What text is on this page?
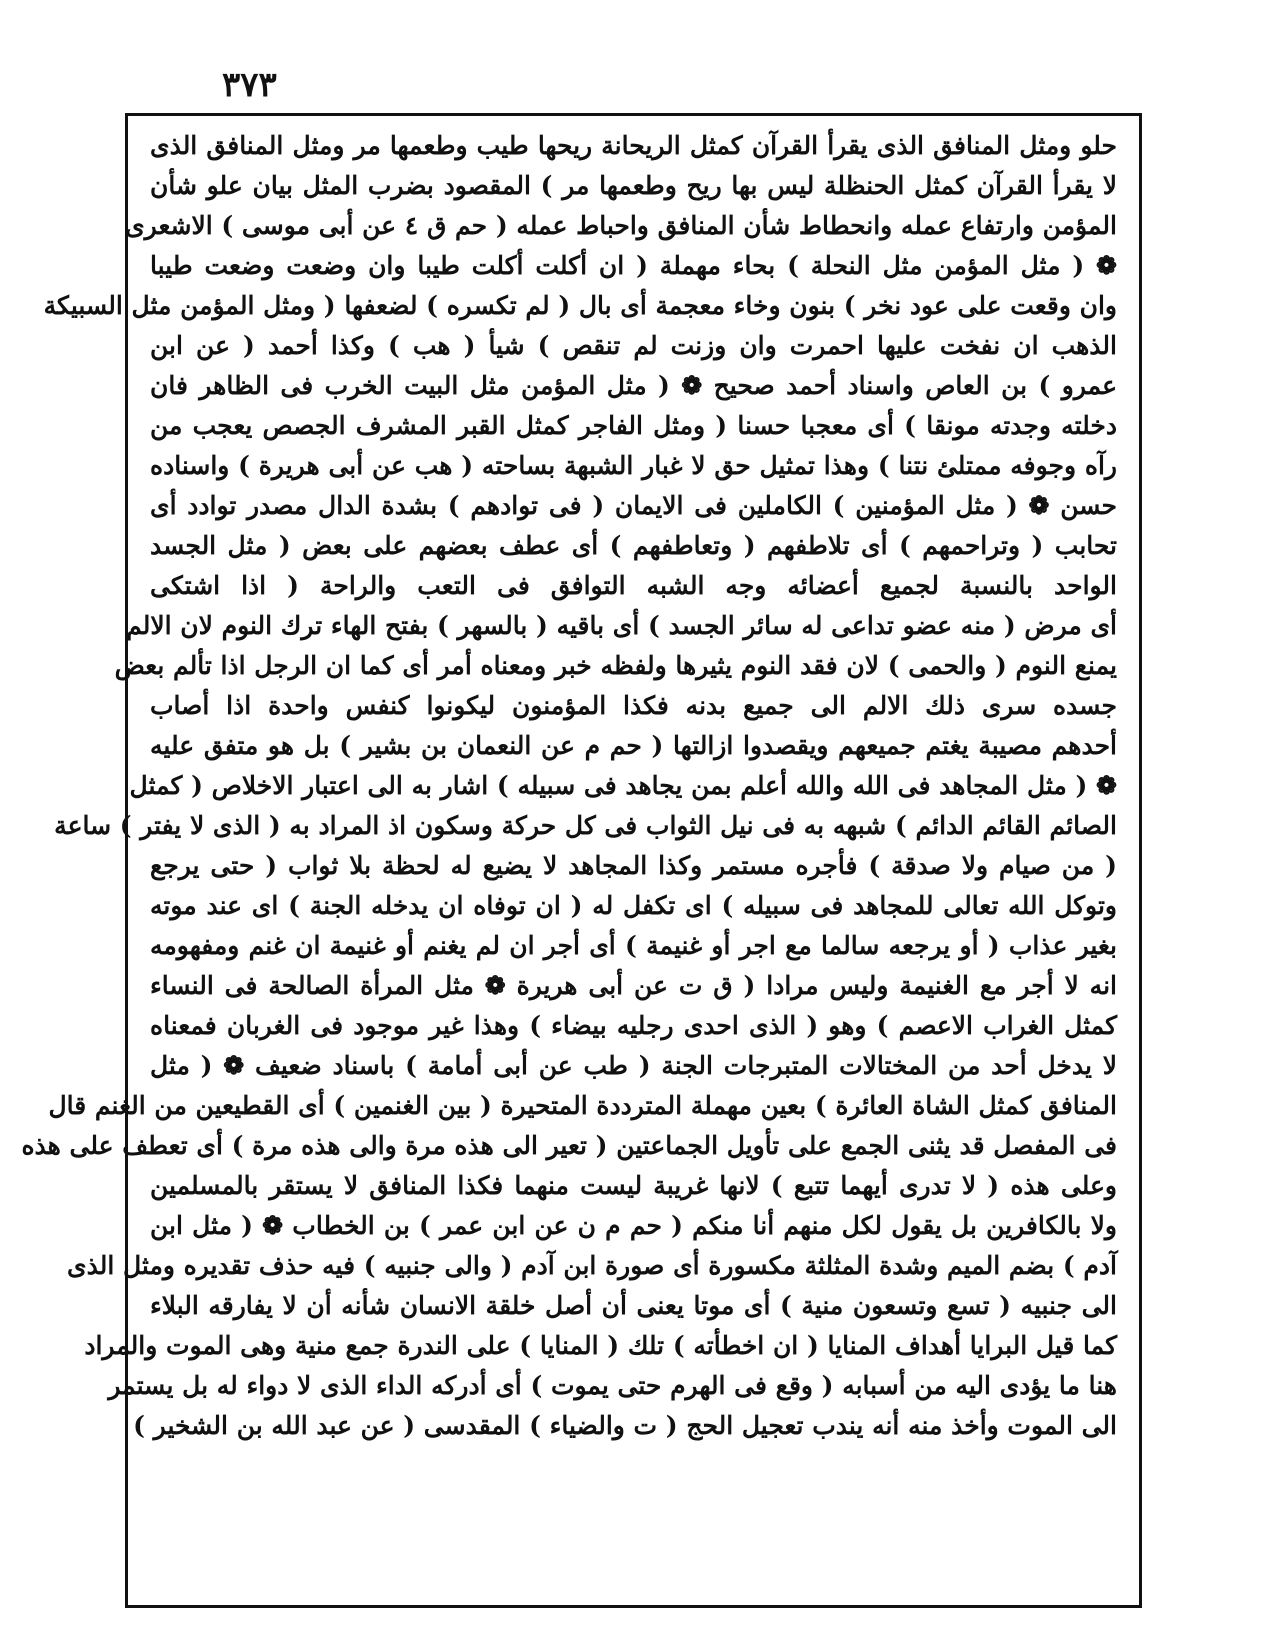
٣٧٣
حلو ومثل المنافق الذى يقرأ القرآن كمثل الريحانة ريحها طيب وطعمها مر ومثل المنافق الذى
لا يقرأ القرآن كمثل الحنظلة ليس بها ريح وطعمها مر ) المقصود بضرب المثل بيان علو شأن
المؤمن وارتفاع عمله وانحطاط شأن المنافق واحباط عمله ( حم ق ٤ عن أبى موسى ) الاشعرى
❁ ( مثل المؤمن مثل النحلة ) بحاء مهملة ( ان أكلت أكلت طيبا وان وضعت وضعت طيبا
وان وقعت على عود نخر ) بنون وخاء معجمة أى بال ( لم تكسره ) لضعفها ( ومثل المؤمن مثل السبيكة
الذهب ان نفخت عليها احمرت وان وزنت لم تنقص ) شيأ ( هب ) وكذا أحمد ( عن ابن
عمرو ) بن العاص واسناد أحمد صحيح ❁ ( مثل المؤمن مثل البيت الخرب فى الظاهر فان
دخلته وجدته مونقا ) أى معجبا حسنا ( ومثل الفاجر كمثل القبر المشرف الجصص يعجب من
رآه وجوفه ممتلئ نتنا ) وهذا تمثيل حق لا غبار الشبهة بساحته ( هب عن أبى هريرة ) واسناده
حسن ❁ ( مثل المؤمنين ) الكاملين فى الايمان ( فى توادهم ) بشدة الدال مصدر توادد أى
تحابب ( وتراحمهم ) أى تلاطفهم ( وتعاطفهم ) أى عطف بعضهم على بعض ( مثل الجسد
الواحد بالنسبة لجميع أعضائه وجه الشبه التوافق فى التعب والراحة ( اذا اشتكى
أى مرض ( منه عضو تداعى له سائر الجسد ) أى باقيه ( بالسهر ) بفتح الهاء ترك النوم لان الالم
يمنع النوم ( والحمى ) لان فقد النوم يثيرها ولفظه خبر ومعناه أمر أى كما ان الرجل اذا تألم بعض
جسده سرى ذلك الالم الى جميع بدنه فكذا المؤمنون ليكونوا كنفس واحدة اذا أصاب
أحدهم مصيبة يغتم جميعهم ويقصدوا ازالتها ( حم م عن النعمان بن بشير ) بل هو متفق عليه
❁ ( مثل المجاهد فى الله والله أعلم بمن يجاهد فى سبيله ) اشار به الى اعتبار الاخلاص ( كمثل
الصائم القائم الدائم ) شبهه به فى نيل الثواب فى كل حركة وسكون اذ المراد به ( الذى لا يفتر ) ساعة
( من صيام ولا صدقة ) فأجره مستمر وكذا المجاهد لا يضيع له لحظة بلا ثواب ( حتى يرجع
وتوكل الله تعالى للمجاهد فى سبيله ) اى تكفل له ( ان توفاه ان يدخله الجنة ) اى عند موته
بغير عذاب ( أو يرجعه سالما مع اجر أو غنيمة ) أى أجر ان لم يغنم أو غنيمة ان غنم ومفهومه
انه لا أجر مع الغنيمة وليس مرادا ( ق ت عن أبى هريرة ❁ مثل المرأة الصالحة فى النساء
كمثل الغراب الاعصم ) وهو ( الذى احدى رجليه بيضاء ) وهذا غير موجود فى الغربان فمعناه
لا يدخل أحد من المختالات المتبرجات الجنة ( طب عن أبى أمامة ) باسناد ضعيف ❁ ( مثل
المنافق كمثل الشاة العائرة ) بعين مهملة المترددة المتحيرة ( بين الغنمين ) أى القطيعين من الغنم قال
فى المفصل قد يثنى الجمع على تأويل الجماعتين ( تعير الى هذه مرة والى هذه مرة ) أى تعطف على هذه
وعلى هذه ( لا تدرى أيهما تتبع ) لانها غريبة ليست منهما فكذا المنافق لا يستقر بالمسلمين
ولا بالكافرين بل يقول لكل منهم أنا منكم ( حم م ن عن ابن عمر ) بن الخطاب ❁ ( مثل ابن
آدم ) بضم الميم وشدة المثلثة مكسورة أى صورة ابن آدم ( والى جنبيه ) فيه حذف تقديره ومثل الذى
الى جنبيه ( تسع وتسعون منية ) أى موتا يعنى أن أصل خلقة الانسان شأنه أن لا يفارقه البلاء
كما قيل البرايا أهداف المنايا ( ان اخطأته ) تلك ( المنايا ) على الندرة جمع منية وهى الموت والمراد
هنا ما يؤدى اليه من أسبابه ( وقع فى الهرم حتى يموت ) أى أدركه الداء الذى لا دواء له بل يستمر
الى الموت وأخذ منه أنه يندب تعجيل الحج ( ت والضياء ) المقدسى ( عن عبد الله بن الشخير )
